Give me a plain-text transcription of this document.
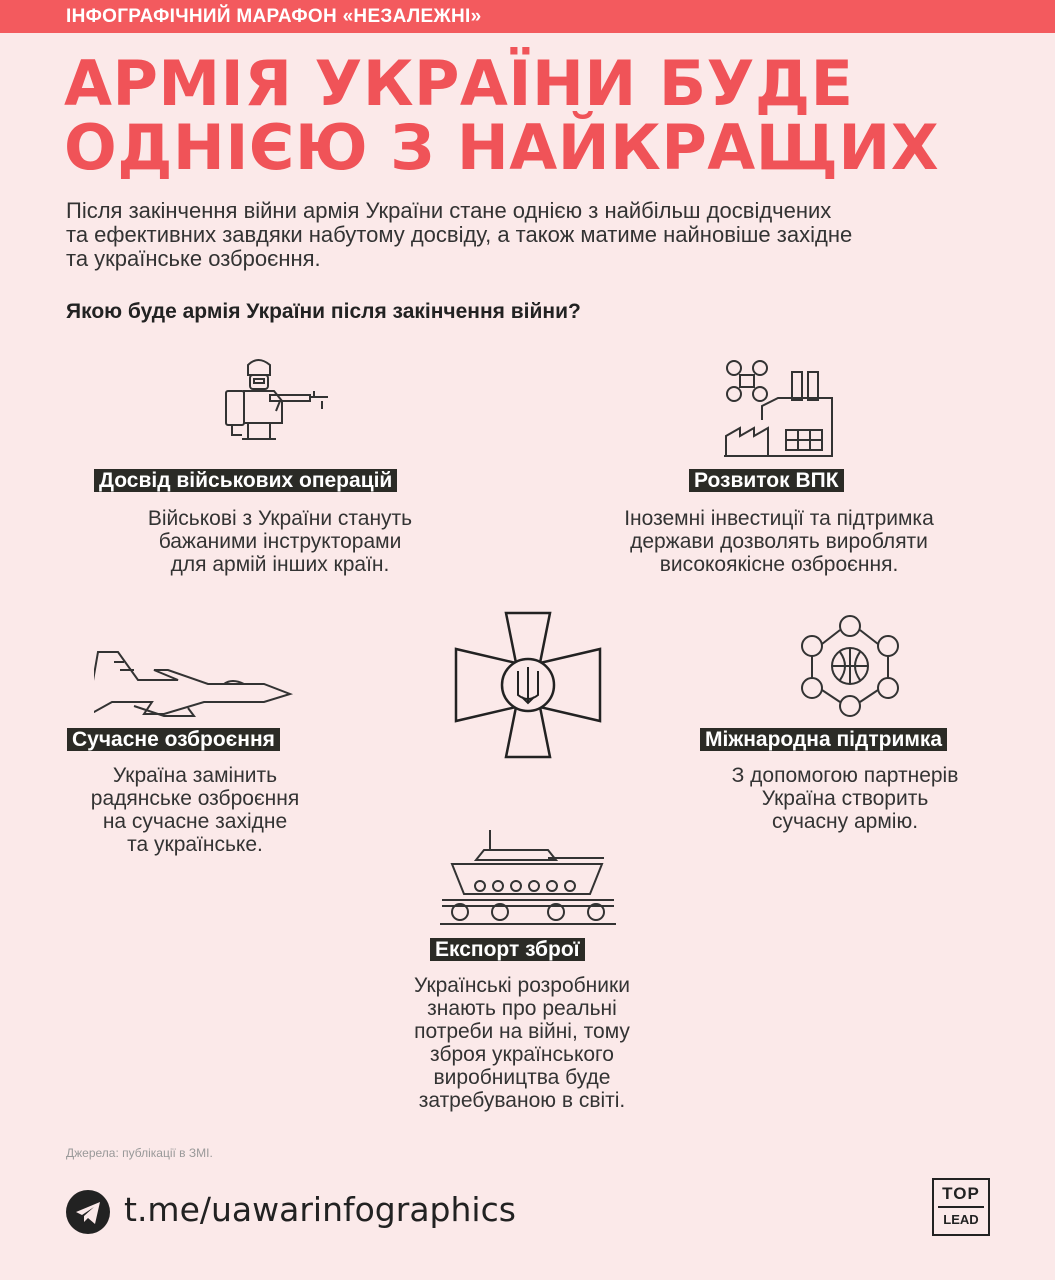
ІНФОГРАФІЧНИЙ МАРАФОН «НЕЗАЛЕЖНІ»
АРМІЯ УКРАЇНИ БУДЕ
ОДНІЄЮ З НАЙКРАЩИХ

Після закінчення війни армія України стане однією з найбільш досвідчених
та ефективних завдяки набутому досвіду, а також матиме найновіше західне
та українське озброєння.

Якою буде армія України після закінчення війни?

Досвід військових операцій

Військові з України стануть
бажаними інструкторами
для армій інших країн.

Розвиток ВПК

Іноземні інвестиції та підтримка
держави дозволять виробляти
високоякісне озброєння.

Сучасне озброєння

Україна замінить
радянське озброєння
на сучасне західне
та українське.

Міжнародна підтримка

З допомогою партнерів
Україна створить
сучасну армію.

Експорт зброї

Українські розробники
знають про реальні
потреби на війні, тому
зброя українського
виробництва буде
затребуваною в світі.

Джерела: публікації в ЗМІ.
t.me/uawarinfographics	TOP
LEAD
